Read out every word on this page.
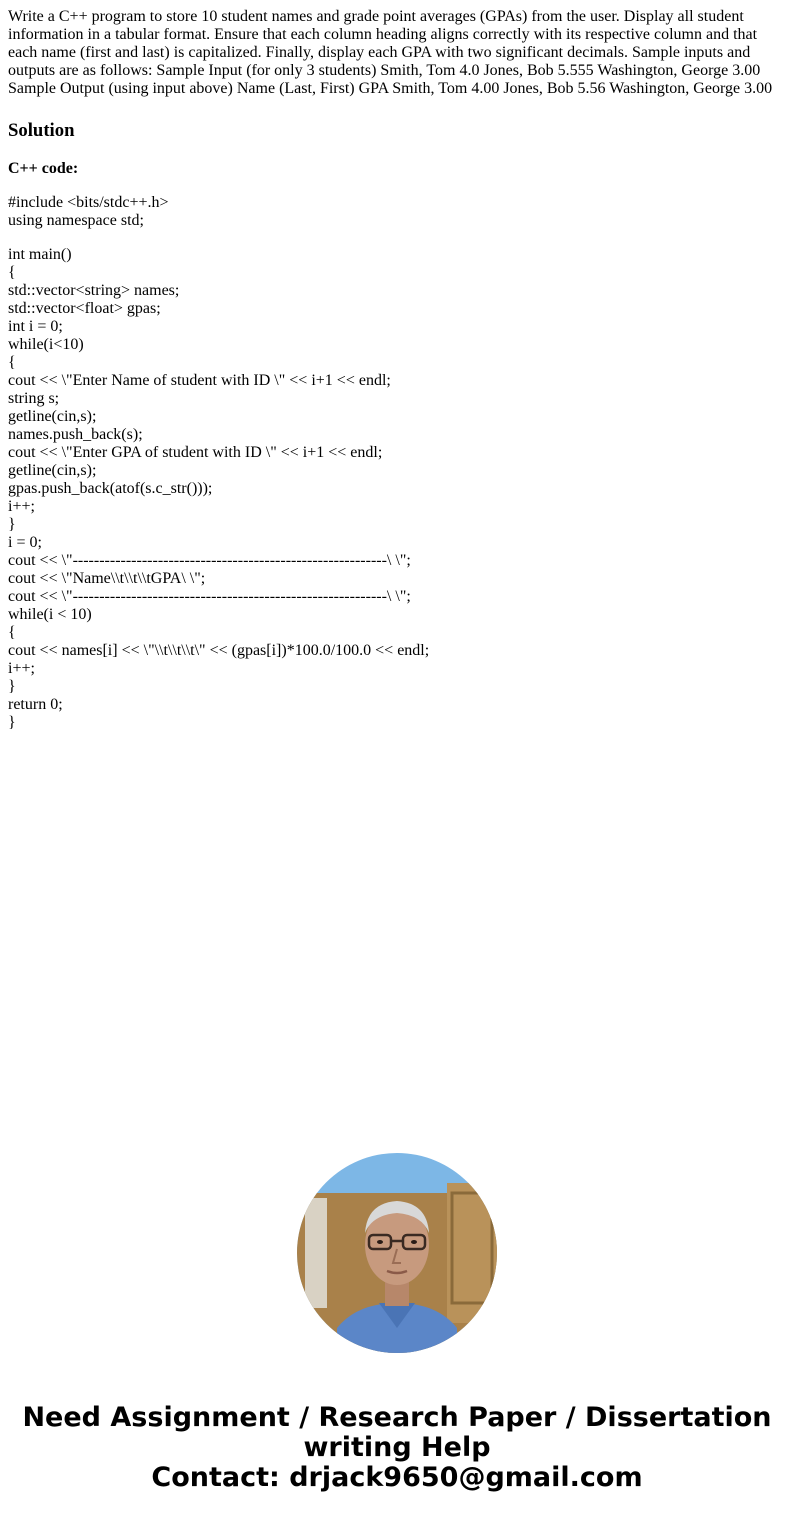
Write a C++ program to store 10 student names and grade point averages (GPAs) from the user. Display all student information in a tabular format. Ensure that each column heading aligns correctly with its respective column and that each name (first and last) is capitalized. Finally, display each GPA with two significant decimals. Sample inputs and outputs are as follows: Sample Input (for only 3 students) Smith, Tom 4.0 Jones, Bob 5.555 Washington, George 3.00 Sample Output (using input above) Name (Last, First) GPA Smith, Tom 4.00 Jones, Bob 5.56 Washington, George 3.00

Solution

C++ code:

#include <bits/stdc++.h>
using namespace std;
int main()
{
std::vector<string> names;
std::vector<float> gpas;
int i = 0;
while(i<10)
{
cout << \"Enter Name of student with ID \" << i+1 << endl;
string s;
getline(cin,s);
names.push_back(s);
cout << \"Enter GPA of student with ID \" << i+1 << endl;
getline(cin,s);
gpas.push_back(atof(s.c_str()));
i++;
}
i = 0;
cout << \"-----------------------------------------------------------\ \";
cout << \"Name\\t\\t\\tGPA\ \";
cout << \"-----------------------------------------------------------\ \";
while(i < 10)
{
cout << names[i] << \"\\t\\t\\t\" << (gpas[i])*100.0/100.0 << endl;
i++;
}
return 0;
}
Need Assignment / Research Paper / Dissertation
writing Help
Contact: drjack9650@gmail.com
